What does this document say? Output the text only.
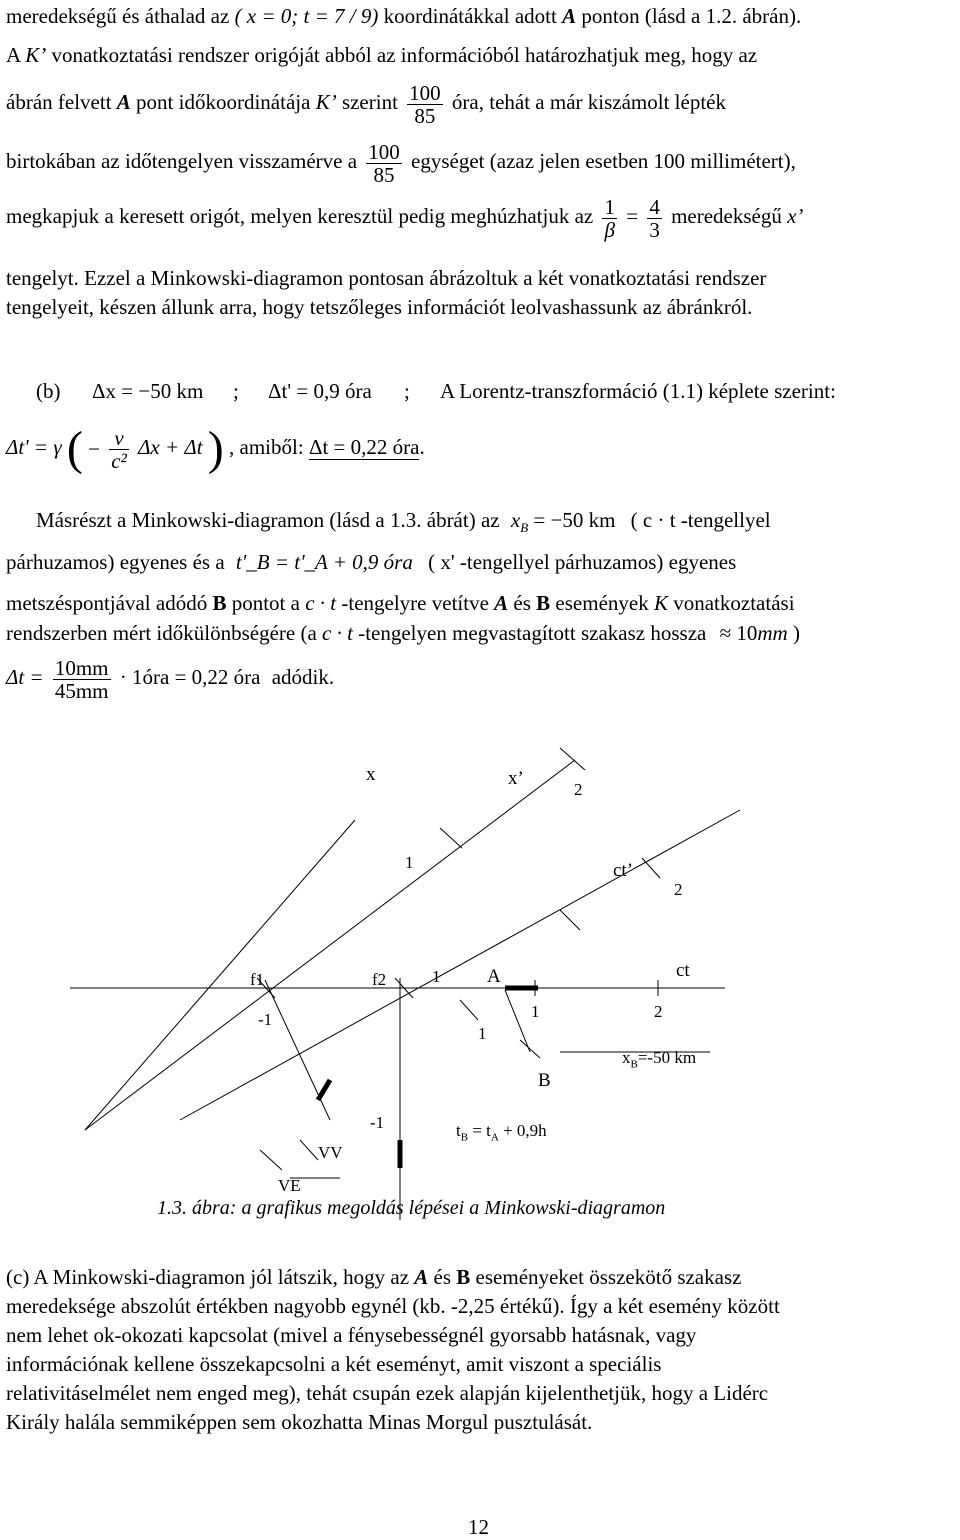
meredekségű és áthalad az ( x = 0; t = 7 / 9) koordinátákkal adott A ponton (lásd a 1.2. ábrán).
A K’ vonatkoztatási rendszer origóját abból az információból határozhatjuk meg, hogy az
ábrán felvett A pont időkoordinátája K’ szerint $\frac{100}{85}$ óra, tehát a már kiszámolt lépték
birtokában az időtengelyen visszamérve a $\frac{100}{85}$ egységet (azaz jelen esetben 100 millimétert),
megkapjuk a keresett origót, melyen keresztül pedig meghúzhatjuk az $\frac{1}{\beta} = \frac{4}{3}$ meredekségű x’
tengelyt. Ezzel a Minkowski-diagramon pontosan ábrázoltuk a két vonatkoztatási rendszer
tengelyeit, készen állunk arra, hogy tetszőleges információt leolvashassunk az ábránkról.
(b) Δx = −50 km ; Δt' = 0,9 óra ; A Lorentz-transzformáció (1.1) képlete szerint:
Δt' = γ ( − $\frac{v}{\text{c²}}$ Δx + Δt ) , amiből: Δt = 0,22 óra.
Másrészt a Minkowski-diagramon (lásd a 1.3. ábrát) az $x_B = -50$ km ( c · t -tengellyel
párhuzamos) egyenes és a t'_B = t'_A + 0,9 óra ( x' -tengellyel párhuzamos) egyenes
metszéspontjával adódó B pontot a c · t -tengelyre vetítve A és B események K vonatkoztatási
rendszerben mért időkülönbségére (a c · t -tengelyen megvastagított szakasz hossza ≈ 10mm )
$\Delta t = \frac{10mm}{45mm}$ · 1óra = 0,22 óra adódik.
x	x’
2
1	ct’
2
ct
f1	f2	1 A
-1
1
1	2
$x_B=-50$ km
B
-1	$t_B = t_A + 0,9h$
VV
VE
1.3. ábra: a grafikus megoldás lépései a Minkowski-diagramon
(c) A Minkowski-diagramon jól látszik, hogy az A és B eseményeket összekötő szakasz
meredeksége abszolút értékben nagyobb egynél (kb. -2,25 értékű). Így a két esemény között
nem lehet ok-okozati kapcsolat (mivel a fénysebességnél gyorsabb hatásnak, vagy
információnak kellene összekapcsolni a két eseményt, amit viszont a speciális
relativitáselmélet nem enged meg), tehát csupán ezek alapján kijelenthetjük, hogy a Lidérc
Király halála semmiképpen sem okozhatta Minas Morgul pusztulását.
12
